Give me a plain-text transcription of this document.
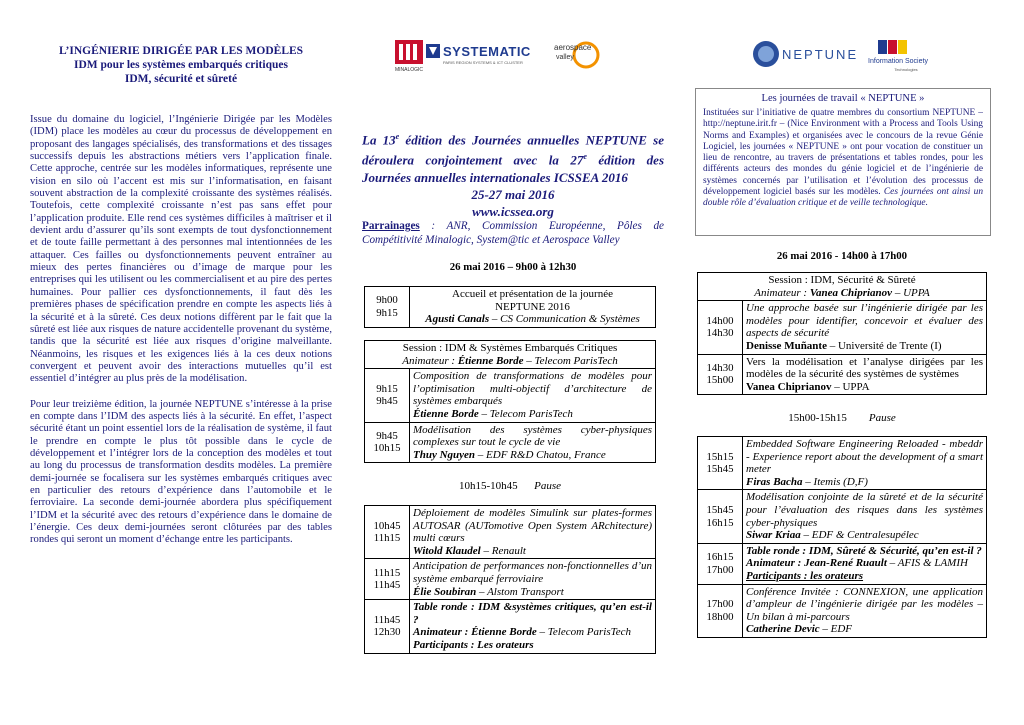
L’INGÉNIERIE DIRIGÉE PAR LES MODÈLES
IDM pour les systèmes embarqués critiques
IDM, sécurité et sûreté

Issue du domaine du logiciel, l’Ingénierie Dirigée par les Modèles (IDM) place les modèles au cœur du processus de développement en proposant des langages spécialisés, des transformations et des tissages successifs depuis les abstractions métiers vers l’application finale. Cette approche, centrée sur les modèles informatiques, représente une vision en silo où l’accent est mis sur l’informatisation, en faisant souvent abstraction de la complexité croissante des systèmes réalisés. Toutefois, cette complexité croissante n’est pas sans effet pour l’application produite. Elle rend ces systèmes difficiles à maîtriser et il devient ardu d’assurer qu’ils sont exempts de tout dysfonctionnement et de toute faille permettant à des personnes mal intentionnées de les attaquer. Ces failles ou dysfonctionnements peuvent entraîner au mieux des pertes financières ou d’image de marque pour les entreprises qui les utilisent ou les commercialisent et au pire des pertes humaines. Pour pallier ces dysfonctionnements, il faut dès les premières phases de spécification prendre en compte les aspects liés à la sécurité et à la sûreté. Ces deux notions diffèrent par le fait que la sûreté est liée aux risques de nature accidentelle provenant du système, tandis que la sécurité est liée aux risques d’origine malveillante. Néanmoins, les risques et les exigences liés à la ces deux notions convergent et peuvent avoir des interactions mutuelles qu’il est essentiel d’intégrer au plus près de la modélisation.

Pour leur treizième édition, la journée NEPTUNE s’intéresse à la prise en compte dans l’IDM des aspects liés à la sécurité. En effet, l’aspect sécurité étant un point essentiel lors de la réalisation de système, il faut le prendre en compte le plus tôt possible dans le cycle de développement et l’intégrer lors de la conception des modèles et tout au long du processus de transformation desdits modèles. La première demi-journée se focalisera sur les systèmes embarqués critiques avec en particulier des retours d’expérience dans l’automobile et le ferroviaire. La seconde demi-journée abordera plus spécifiquement l’IDM et la sécurité avec des retours d’expérience dans le domaine de l’énergie. Ces deux demi-journées seront clôturées par des tables rondes qui seront un moment d’échange entre les participants.

MINALOGIC
SYSTEMATIC
PARIS REGION SYSTEMS & ICT CLUSTER
aerospace
valley	NEPTUNE Information Society
Technologies
La 13e édition des Journées annuelles NEPTUNE se déroulera conjointement avec la 27e édition des Journées annuelles internationales ICSSEA 2016
25-27 mai 2016
www.icssea.org
Parrainages : ANR, Commission Européenne, Pôles de Compétitivité Minalogic, System@tic et Aerospace Valley
26 mai 2016 – 9h00 à 12h30
9h00
9h15	Accueil et présentation de la journée
NEPTUNE 2016
Agusti Canals – CS Communication & Systèmes
Session : IDM & Systèmes Embarqués Critiques
Animateur : Étienne Borde – Telecom ParisTech	
9h15
9h45	Composition de transformations de modèles pour l’optimisation multi-objectif d’architecture de systèmes embarqués
Étienne Borde – Telecom ParisTech
9h45
10h15	Modélisation des systèmes cyber-physiques complexes sur tout le cycle de vie
Thuy Nguyen – EDF R&D Chatou, France
10h15-10h45 Pause
10h45
11h15	Déploiement de modèles Simulink sur plates-formes AUTOSAR (AUTomotive Open System ARchitecture) multi cœurs
Witold Klaudel – Renault
11h15
11h45	Anticipation de performances non-fonctionnelles d’un système embarqué ferroviaire
Élie Soubiran – Alstom Transport
11h45
12h30	Table ronde : IDM &systèmes critiques, qu’en est-il ?
Animateur : Étienne Borde – Telecom ParisTech
Participants : Les orateurs
Les journées de travail « NEPTUNE »
Instituées sur l’initiative de quatre membres du consortium NEPTUNE – http://neptune.irit.fr – (Nice Environment with a Process and Tools Using Norms and Examples) et organisées avec le concours de la revue Génie Logiciel, les journées « NEPTUNE » ont pour vocation de constituer un lieu de rencontre, au travers de présentations et tables rondes, pour les différents acteurs des mondes du génie logiciel et de l’ingénierie de systèmes concernés par l’utilisation et l’évolution des processus de développement logiciel basés sur les modèles. Ces journées ont ainsi un double rôle d’évaluation critique et de veille technologique.
26 mai 2016 - 14h00 à 17h00
Session : IDM, Sécurité & Sûreté
Animateur : Vanea Chiprianov – UPPA	
14h00
14h30	Une approche basée sur l’ingénierie dirigée par les modèles pour identifier, concevoir et évaluer des aspects de sécurité
Denisse Muñante – Université de Trente (I)
14h30
15h00	Vers la modélisation et l’analyse dirigées par les modèles de la sécurité des systèmes de systèmes
Vanea Chiprianov – UPPA
15h00-15h15 Pause
15h15
15h45	Embedded Software Engineering Reloaded - mbeddr - Experience report about the development of a smart meter
Firas Bacha – Itemis (D,F)
15h45
16h15	Modélisation conjointe de la sûreté et de la sécurité pour l’évaluation des risques dans les systèmes cyber-physiques
Siwar Kriaa – EDF & Centralesupélec
16h15
17h00	Table ronde : IDM, Sûreté & Sécurité, qu’en est-il ?
Animateur : Jean-René Ruault – AFIS & LAMIH
Participants : les orateurs
17h00
18h00	Conférence Invitée : CONNEXION, une application d’ampleur de l’ingénierie dirigée par les modèles – Un bilan à mi-parcours
Catherine Devic – EDF
